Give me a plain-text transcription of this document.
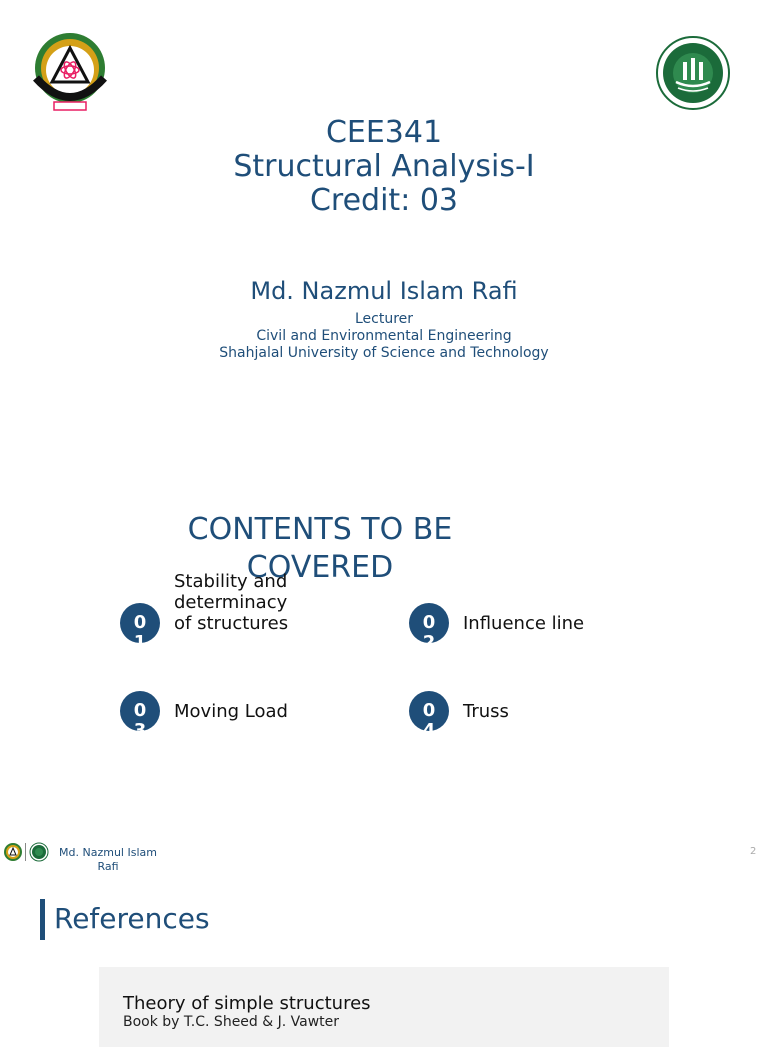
CEE341
Structural Analysis-I
Credit: 03
Md. Nazmul Islam Rafi
Lecturer
Civil and Environmental Engineering
Shahjalal University of Science and Technology
CONTENTS TO BE COVERED
01
Stability and determinacy of structures	02
Influence line
03
Moving Load	04
Truss
Md. Nazmul Islam Rafi
2
References
Theory of simple structures
Book by T.C. Sheed & J. Vawter
